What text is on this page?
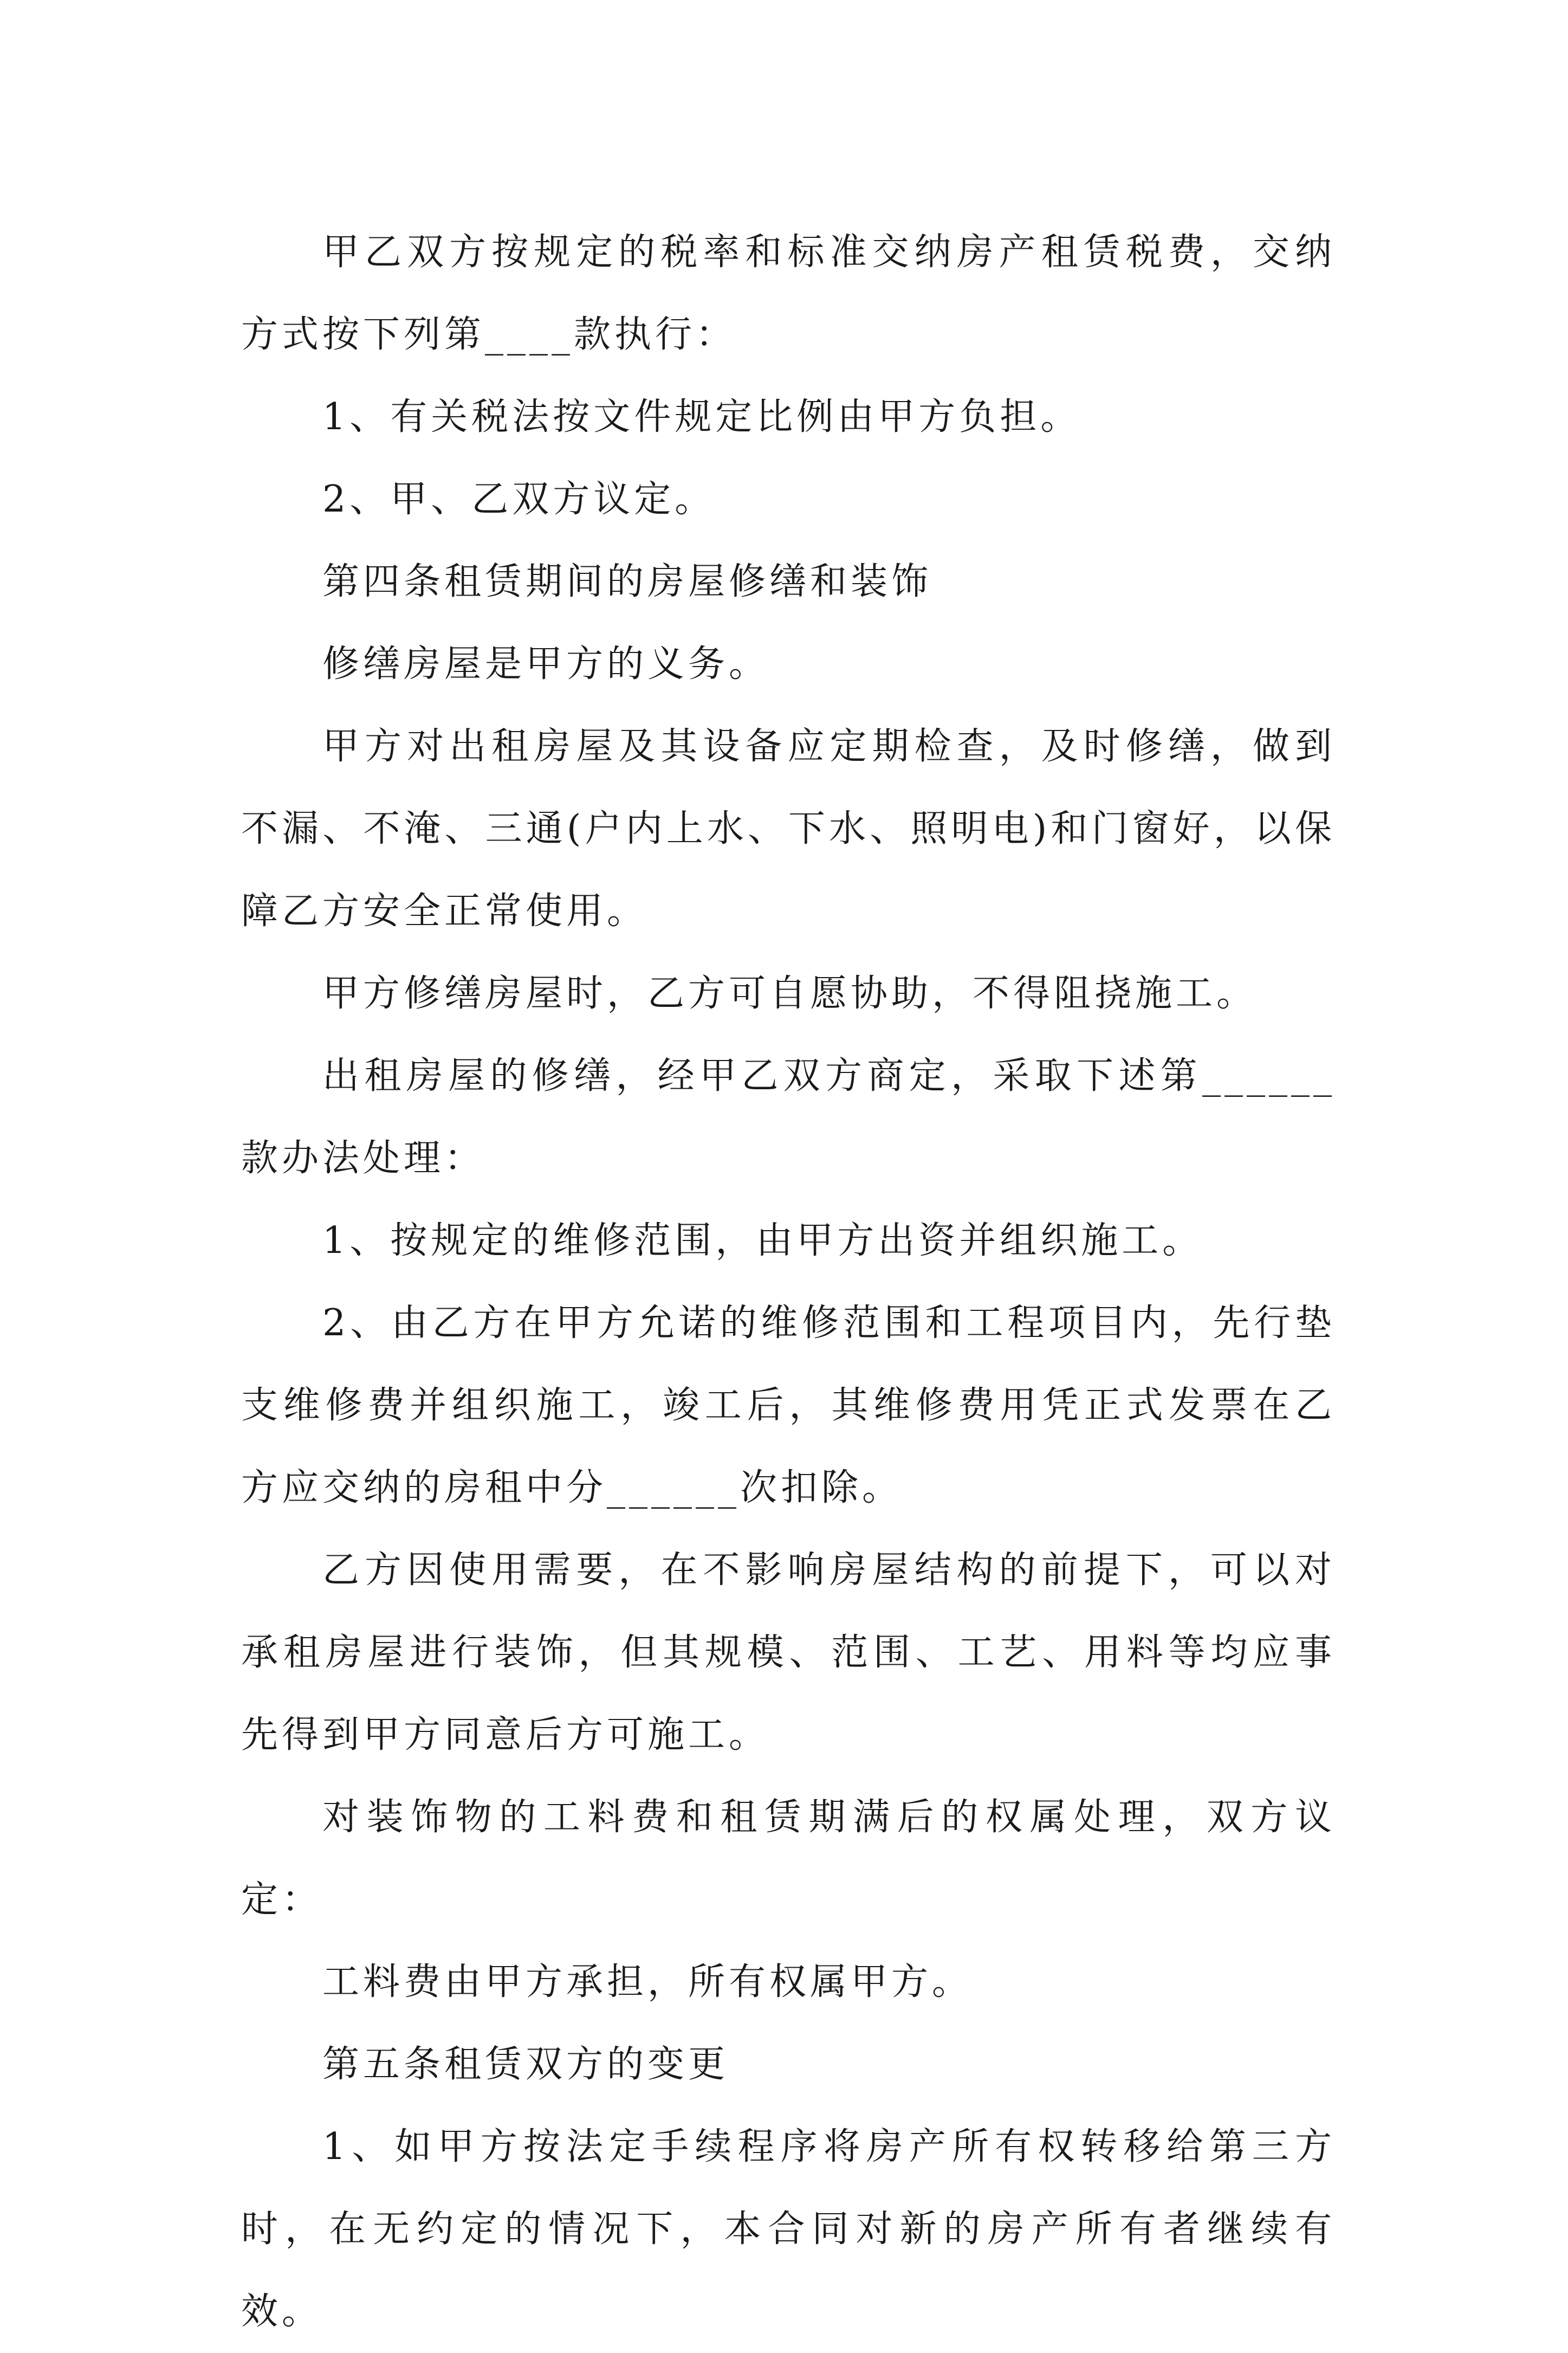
甲乙双方按规定的税率和标准交纳房产租赁税费，交纳方式按下列第____款执行：

1、有关税法按文件规定比例由甲方负担。

2、甲、乙双方议定。

第四条租赁期间的房屋修缮和装饰

修缮房屋是甲方的义务。

甲方对出租房屋及其设备应定期检查，及时修缮，做到不漏、不淹、三通(户内上水、下水、照明电)和门窗好，以保障乙方安全正常使用。

甲方修缮房屋时，乙方可自愿协助，不得阻挠施工。

出租房屋的修缮，经甲乙双方商定，采取下述第______款办法处理：

1、按规定的维修范围，由甲方出资并组织施工。

2、由乙方在甲方允诺的维修范围和工程项目内，先行垫支维修费并组织施工，竣工后，其维修费用凭正式发票在乙方应交纳的房租中分______次扣除。

乙方因使用需要，在不影响房屋结构的前提下，可以对承租房屋进行装饰，但其规模、范围、工艺、用料等均应事先得到甲方同意后方可施工。

对装饰物的工料费和租赁期满后的权属处理，双方议定：

工料费由甲方承担，所有权属甲方。

第五条租赁双方的变更

1、如甲方按法定手续程序将房产所有权转移给第三方时，在无约定的情况下，本合同对新的房产所有者继续有效。
